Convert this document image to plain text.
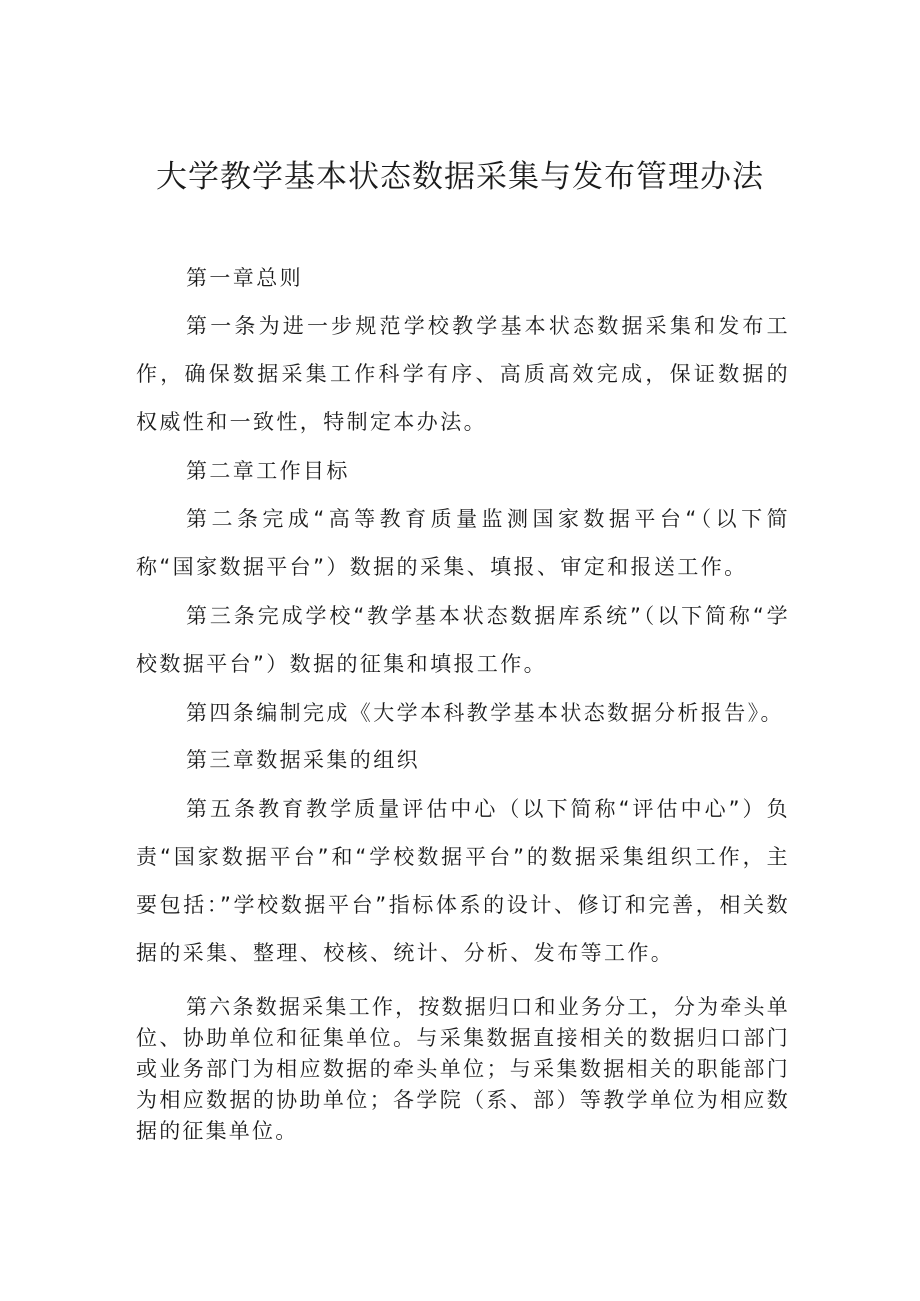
大学教学基本状态数据采集与发布管理办法

第一章总则

第一条为进一步规范学校教学基本状态数据采集和发布工作，确保数据采集工作科学有序、高质高效完成，保证数据的权威性和一致性，特制定本办法。

第二章工作目标

第二条完成“高等教育质量监测国家数据平台“（以下简称“国家数据平台”）数据的采集、填报、审定和报送工作。

第三条完成学校“教学基本状态数据库系统”（以下简称“学校数据平台”）数据的征集和填报工作。

第四条编制完成《大学本科教学基本状态数据分析报告》。

第三章数据采集的组织

第五条教育教学质量评估中心（以下简称“评估中心”）负责“国家数据平台”和“学校数据平台”的数据采集组织工作，主要包括：”学校数据平台”指标体系的设计、修订和完善，相关数据的采集、整理、校核、统计、分析、发布等工作。

第六条数据采集工作，按数据归口和业务分工，分为牵头单位、协助单位和征集单位。与采集数据直接相关的数据归口部门或业务部门为相应数据的牵头单位；与采集数据相关的职能部门为相应数据的协助单位；各学院（系、部）等教学单位为相应数据的征集单位。
